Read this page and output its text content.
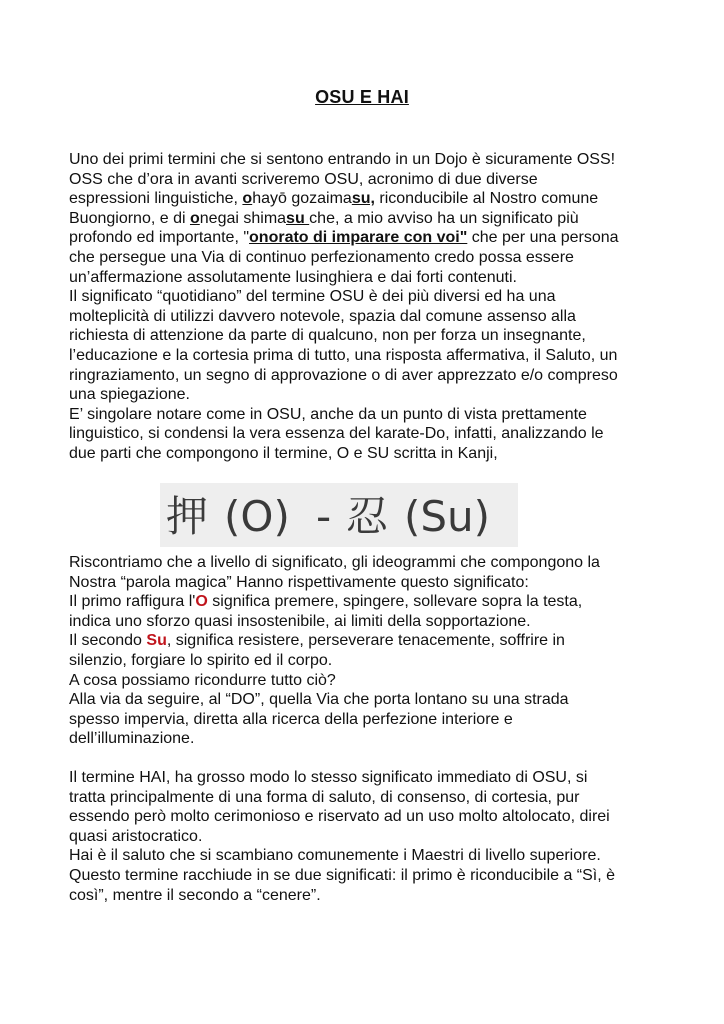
OSU E HAI

Uno dei primi termini che si sentono entrando in un Dojo è sicuramente OSS!

OSS che d’ora in avanti scriveremo OSU, acronimo di due diverse

espressioni linguistiche, ohayō gozaimasu, riconducibile al Nostro comune

Buongiorno, e di onegai shimasu che, a mio avviso ha un significato più

profondo ed importante, "onorato di imparare con voi" che per una persona

che persegue una Via di continuo perfezionamento credo possa essere

un’affermazione assolutamente lusinghiera e dai forti contenuti.

Il significato “quotidiano” del termine OSU è dei più diversi ed ha una

molteplicità di utilizzi davvero notevole, spazia dal comune assenso alla

richiesta di attenzione da parte di qualcuno, non per forza un insegnante,

l’educazione e la cortesia prima di tutto, una risposta affermativa, il Saluto, un

ringraziamento, un segno di approvazione o di aver apprezzato e/o compreso

una spiegazione.

E’ singolare notare come in OSU, anche da un punto di vista prettamente

linguistico, si condensi la vera essenza del karate-Do, infatti, analizzando le

due parti che compongono il termine, O e SU scritta in Kanji,

押 (O) - 忍 (Su)

Riscontriamo che a livello di significato, gli ideogrammi che compongono la

Nostra “parola magica” Hanno rispettivamente questo significato:

Il primo raffigura l'O significa premere, spingere, sollevare sopra la testa,

indica uno sforzo quasi insostenibile, ai limiti della sopportazione.

Il secondo Su, significa resistere, perseverare tenacemente, soffrire in

silenzio, forgiare lo spirito ed il corpo.

A cosa possiamo ricondurre tutto ciò?

Alla via da seguire, al “DO”, quella Via che porta lontano su una strada

spesso impervia, diretta alla ricerca della perfezione interiore e

dell’illuminazione.

Il termine HAI, ha grosso modo lo stesso significato immediato di OSU, si

tratta principalmente di una forma di saluto, di consenso, di cortesia, pur

essendo però molto cerimonioso e riservato ad un uso molto altolocato, direi

quasi aristocratico.

Hai è il saluto che si scambiano comunemente i Maestri di livello superiore.

Questo termine racchiude in se due significati: il primo è riconducibile a “Sì, è

così”, mentre il secondo a “cenere”.
